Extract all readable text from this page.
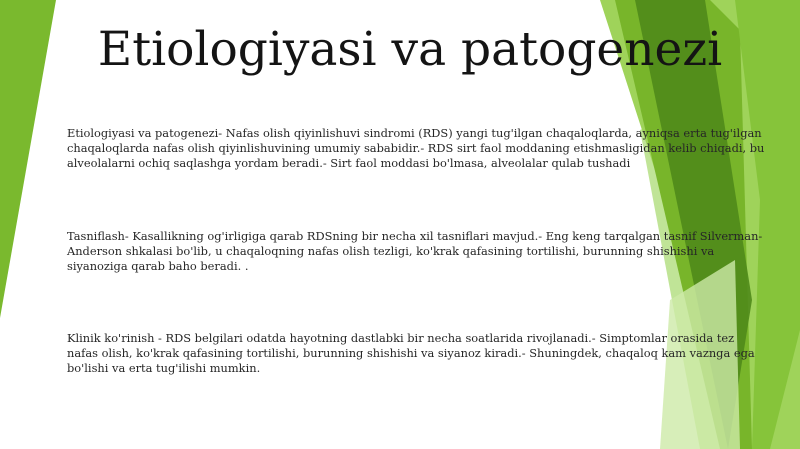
Etiologiyasi va patogenezi

Etiologiyasi va patogenezi- Nafas olish qiyinlishuvi sindromi (RDS) yangi tug'ilgan chaqaloqlarda, ayniqsa erta tug'ilgan chaqaloqlarda nafas olish qiyinlishuvining umumiy sababidir.- RDS sirt faol moddaning etishmasligidan kelib chiqadi, bu alveolalarni ochiq saqlashga yordam beradi.- Sirt faol moddasi bo'lmasa, alveolalar qulab tushadi

Tasniflash- Kasallikning og'irligiga qarab RDSning bir necha xil tasniflari mavjud.- Eng keng tarqalgan tasnif Silverman-Anderson shkalasi bo'lib, u chaqaloqning nafas olish tezligi, ko'krak qafasining tortilishi, burunning shishishi va siyanoziga qarab baho beradi. .

Klinik ko'rinish - RDS belgilari odatda hayotning dastlabki bir necha soatlarida rivojlanadi.- Simptomlar orasida tez nafas olish, ko'krak qafasining tortilishi, burunning shishishi va siyanoz kiradi.- Shuningdek, chaqaloq kam vaznga ega bo'lishi va erta tug'ilishi mumkin.
